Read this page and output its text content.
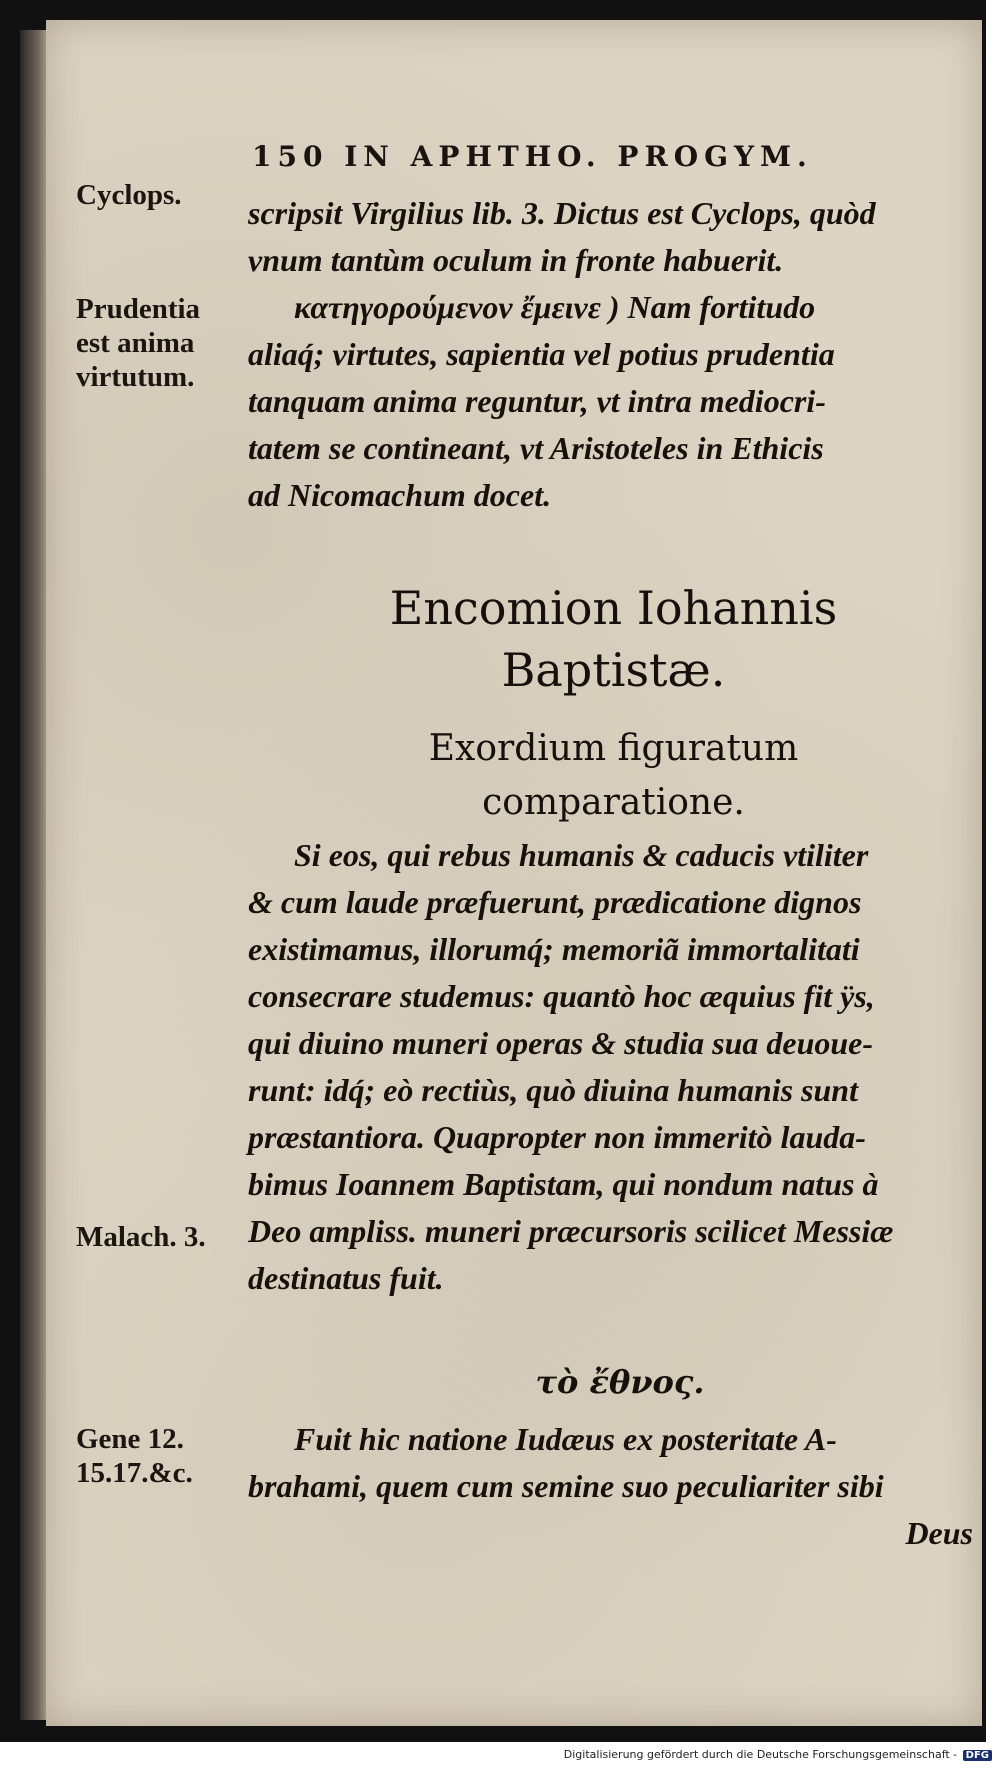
150 IN APHTHO. PROGYM.
Cyclops.
Prudentia
est anima
virtutum.
Malach. 3.
Gene 12.
15.17.&c.
scripsit Virgilius lib. 3. Dictus est Cyclops, quòd
vnum tantùm oculum in fronte habuerit.
κατηγορούμενον ἔμεινε ) Nam fortitudo
aliaq́; virtutes, sapientia vel potius prudentia
tanquam anima reguntur, vt intra mediocri-
tatem se contineant, vt Aristoteles in Ethicis
ad Nicomachum docet.
Encomion Iohannis
Baptistæ.
Exordium figuratum
comparatione.
Si eos, qui rebus humanis & caducis vtiliter
& cum laude præfuerunt, prædicatione dignos
existimamus, illorumq́; memoriã immortalitati
consecrare studemus: quantò hoc æquius fit ÿs,
qui diuino muneri operas & studia sua deuoue-
runt: idq́; eò rectiùs, quò diuina humanis sunt
præstantiora. Quapropter non immeritò lauda-
bimus Ioannem Baptistam, qui nondum natus à
Deo ampliss. muneri præcursoris scilicet Messiæ
destinatus fuit.
τὸ ἔθνος.
Fuit hic natione Iudæus ex posteritate A-
brahami, quem cum semine suo peculiariter sibi
Deus
Digitalisierung gefördert durch die Deutsche Forschungsgemeinschaft - DFG
